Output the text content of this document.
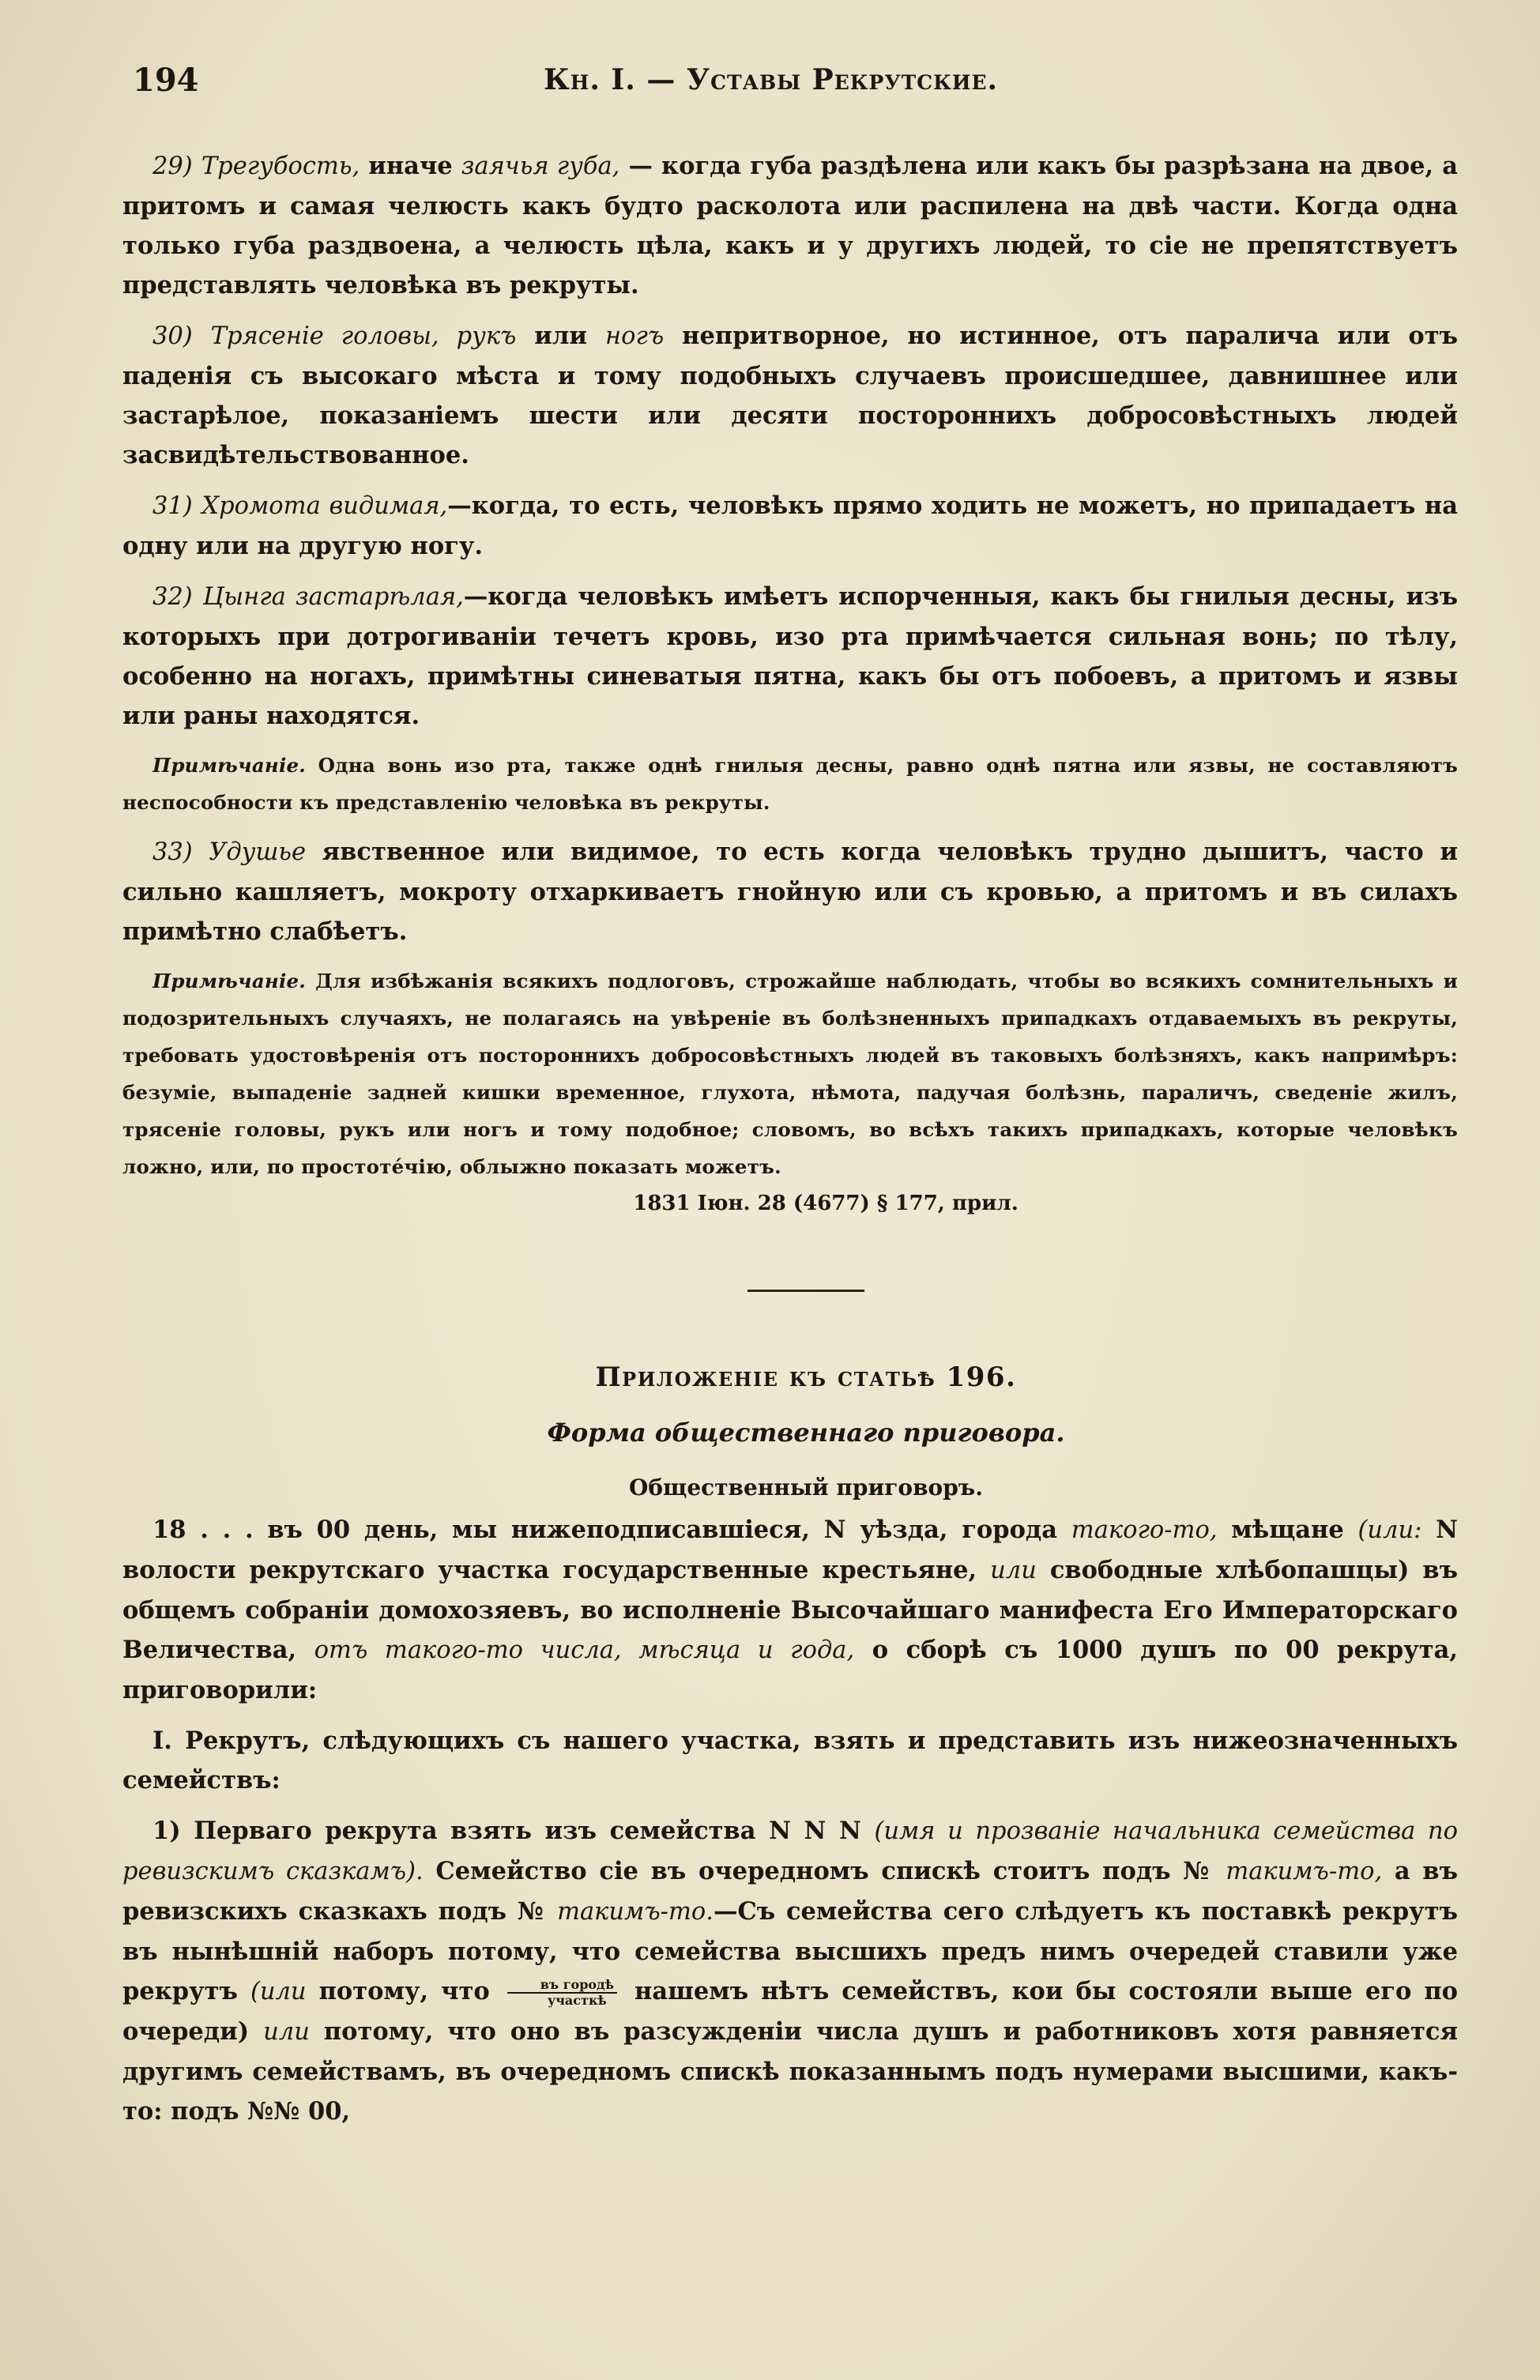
194	Кн. I. — Уставы Рекрутские.

29) Трегубость, иначе заячья губа, — когда губа раздѣлена или какъ бы разрѣзана на двое, а притомъ и самая челюсть какъ будто расколота или распилена на двѣ части. Когда одна только губа раздвоена, а челюсть цѣла, какъ и у другихъ людей, то сіе не препятствуетъ представлять человѣка въ рекруты.

30) Трясеніе головы, рукъ или ногъ непритворное, но истинное, отъ паралича или отъ паденія съ высокаго мѣста и тому подобныхъ случаевъ происшедшее, давнишнее или застарѣлое, показаніемъ шести или десяти постороннихъ добросовѣстныхъ людей засвидѣтельствованное.

31) Хромота видимая,—когда, то есть, человѣкъ прямо ходить не можетъ, но припадаетъ на одну или на другую ногу.

32) Цынга застарѣлая,—когда человѣкъ имѣетъ испорченныя, какъ бы гнилыя десны, изъ которыхъ при дотрогиваніи течетъ кровь, изо рта примѣчается сильная вонь; по тѣлу, особенно на ногахъ, примѣтны синеватыя пятна, какъ бы отъ побоевъ, а притомъ и язвы или раны находятся.

Примѣчаніе. Одна вонь изо рта, также однѣ гнилыя десны, равно однѣ пятна или язвы, не составляютъ неспособности къ представленію человѣка въ рекруты.

33) Удушье явственное или видимое, то есть когда человѣкъ трудно дышитъ, часто и сильно кашляетъ, мокроту отхаркиваетъ гнойную или съ кровью, а притомъ и въ силахъ примѣтно слабѣетъ.

Примѣчаніе. Для избѣжанія всякихъ подлоговъ, строжайше наблюдать, чтобы во всякихъ сомнительныхъ и подозрительныхъ случаяхъ, не полагаясь на увѣреніе въ болѣзненныхъ припадкахъ отдаваемыхъ въ рекруты, требовать удостовѣренія отъ постороннихъ добросовѣстныхъ людей въ таковыхъ болѣзняхъ, какъ напримѣръ: безуміе, выпаденіе задней кишки временное, глухота, нѣмота, падучая болѣзнь, параличъ, сведеніе жилъ, трясеніе головы, рукъ или ногъ и тому подобное; словомъ, во всѣхъ такихъ припадкахъ, которые человѣкъ ложно, или, по простоте́чію, облыжно показать можетъ.

1831 Іюн. 28 (4677) § 177, прил.

Приложеніе къ статьѣ 196.

Форма общественнаго приговора.

Общественный приговоръ.

18 . . . въ 00 день, мы нижеподписавшіеся, N уѣзда, города такого-то, мѣщане (или: N волости рекрутскаго участка государственные крестьяне, или свободные хлѣбопашцы) въ общемъ собраніи домохозяевъ, во исполненіе Высочайшаго манифеста Его Императорскаго Величества, отъ такого-то числа, мѣсяца и года, о сборѣ съ 1000 душъ по 00 рекрута, приговорили:

I. Рекрутъ, слѣдующихъ съ нашего участка, взять и представить изъ нижеозначенныхъ семействъ:

1) Перваго рекрута взять изъ семейства N N N (имя и прозваніе начальника семейства по ревизскимъ сказкамъ). Семейство сіе въ очередномъ спискѣ стоитъ подъ № такимъ-то, а въ ревизскихъ сказкахъ подъ № такимъ-то.—Съ семейства сего слѣдуетъ къ поставкѣ рекрутъ въ нынѣшній наборъ потому, что семейства высшихъ предъ нимъ очередей ставили уже рекрутъ (или потому, что $\frac{\text{въ городѣ}}{\text{участкѣ}}$ нашемъ нѣтъ семействъ, кои бы состояли выше его по очереди) или потому, что оно въ разсужденіи числа душъ и работниковъ хотя равняется другимъ семействамъ, въ очередномъ спискѣ показаннымъ подъ нумерами высшими, какъ-то: подъ №№ 00,
